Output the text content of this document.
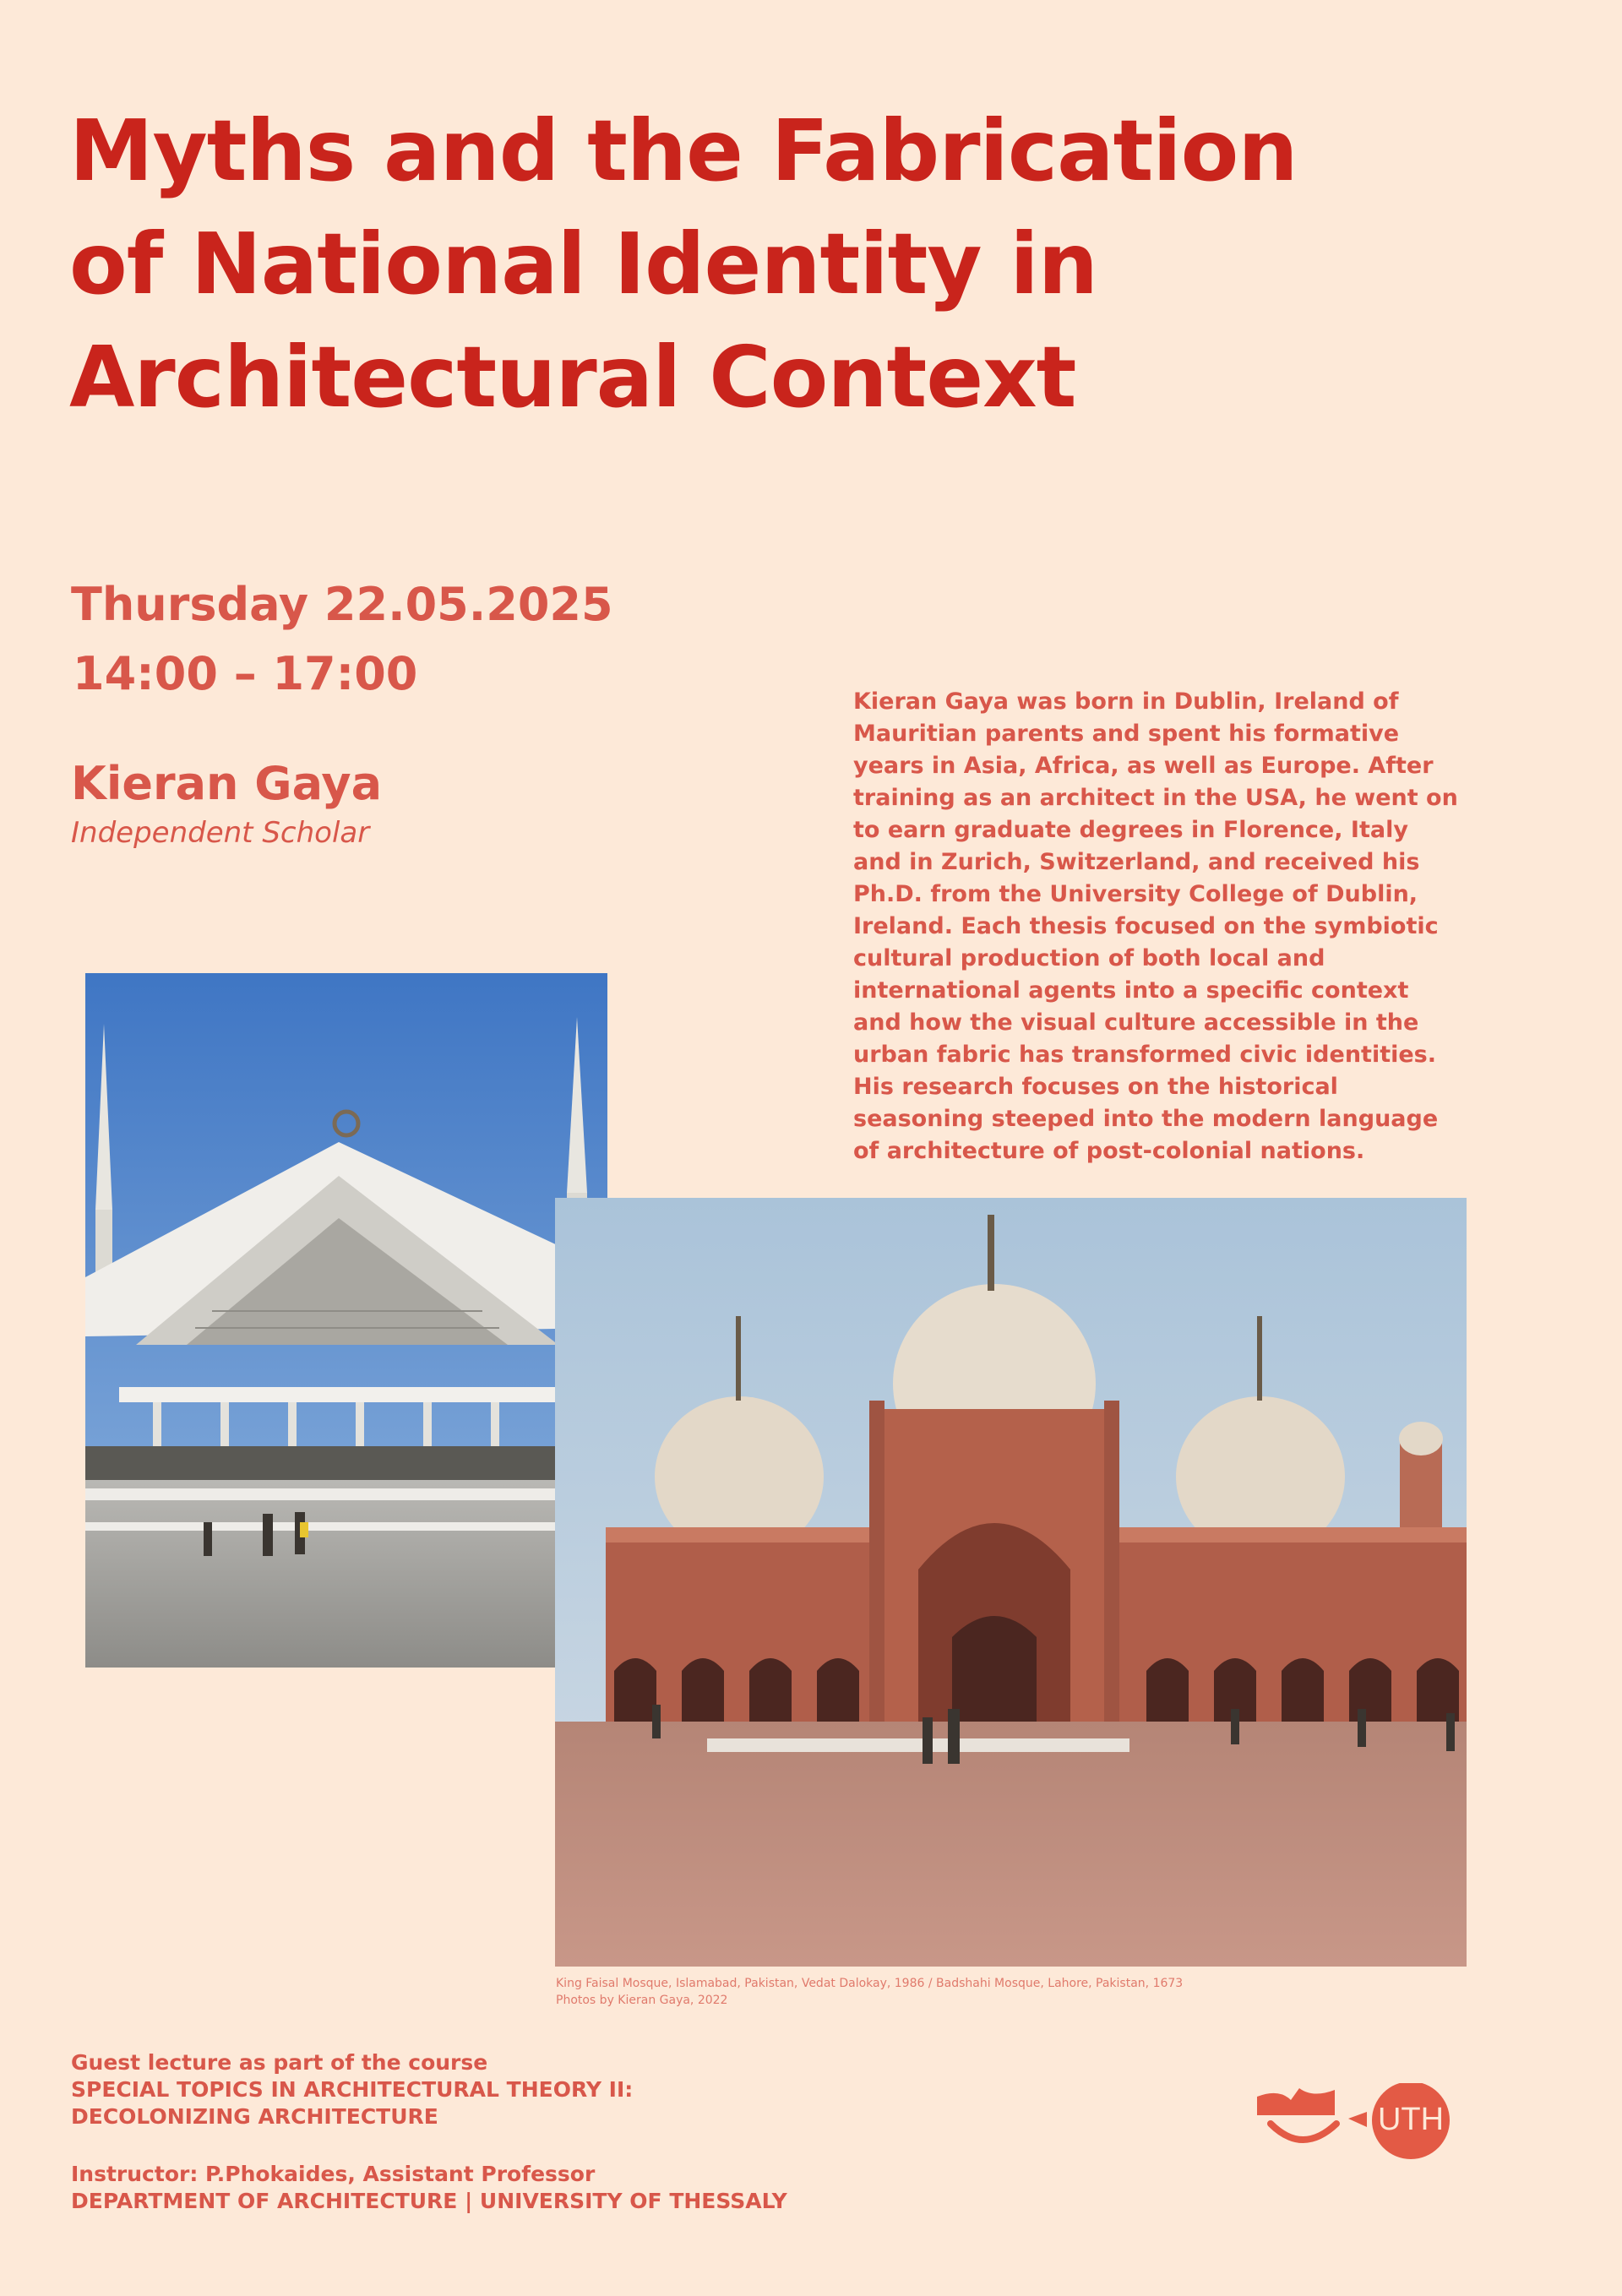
Myths and the Fabrication
of National Identity in
Architectural Context
Thursday 22.05.2025
14:00 – 17:00
Kieran Gaya
Independent Scholar

Kieran Gaya was born in Dublin, Ireland of Mauritian parents and spent his formative years in Asia, Africa, as well as Europe. After training as an architect in the USA, he went on to earn graduate degrees in Florence, Italy and in Zurich, Switzerland, and received his Ph.D. from the University College of Dublin, Ireland. Each thesis focused on the symbiotic cultural production of both local and international agents into a specific context and how the visual culture accessible in the urban fabric has transformed civic identities. His research focuses on the historical seasoning steeped into the modern language of architecture of post-colonial nations.

King Faisal Mosque, Islamabad, Pakistan, Vedat Dalokay, 1986 / Badshahi Mosque, Lahore, Pakistan, 1673
Photos by Kieran Gaya, 2022
Guest lecture as part of the course
SPECIAL TOPICS IN ARCHITECTURAL THEORY II:
DECOLONIZING ARCHITECTURE
Instructor: P.Phokaides, Assistant Professor
DEPARTMENT OF ARCHITECTURE | UNIVERSITY OF THESSALY
UTH
